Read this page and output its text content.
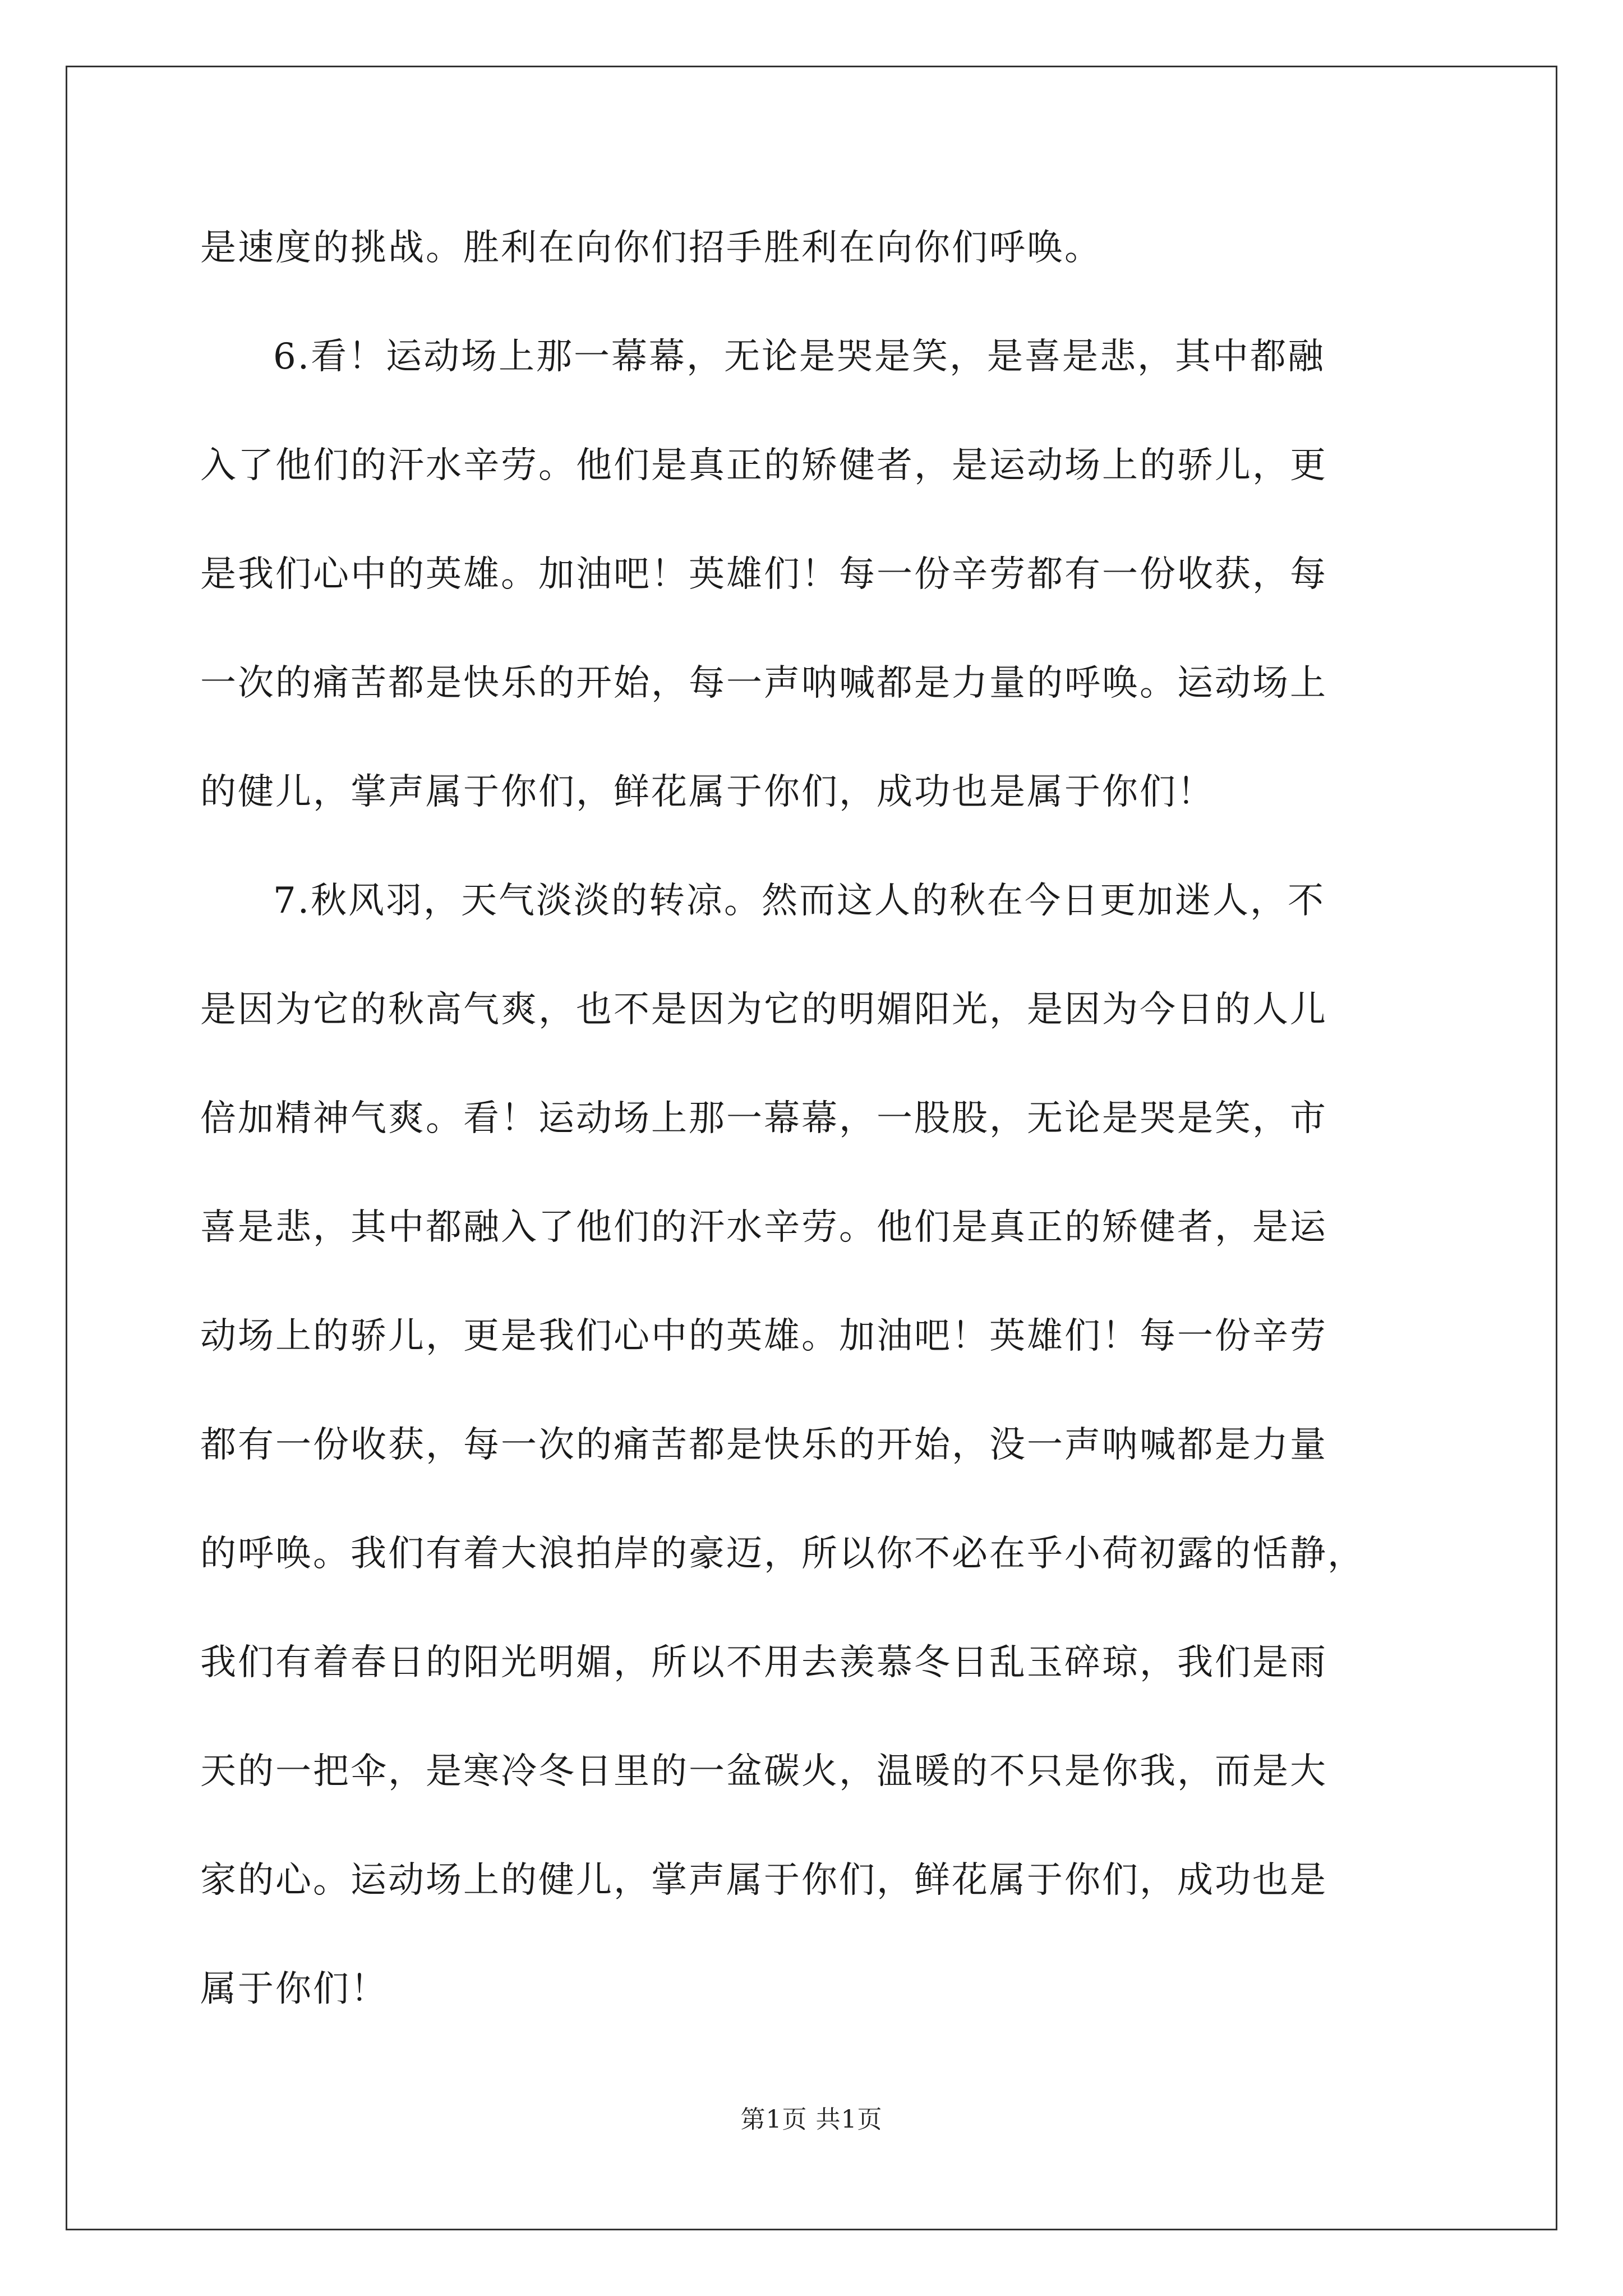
是速度的挑战。胜利在向你们招手胜利在向你们呼唤。
6.看！运动场上那一幕幕，无论是哭是笑，是喜是悲，其中都融
入了他们的汗水辛劳。他们是真正的矫健者，是运动场上的骄儿，更
是我们心中的英雄。加油吧！英雄们！每一份辛劳都有一份收获，每
一次的痛苦都是快乐的开始，每一声呐喊都是力量的呼唤。运动场上
的健儿，掌声属于你们，鲜花属于你们，成功也是属于你们！
7.秋风羽，天气淡淡的转凉。然而这人的秋在今日更加迷人，不
是因为它的秋高气爽，也不是因为它的明媚阳光，是因为今日的人儿
倍加精神气爽。看！运动场上那一幕幕，一股股，无论是哭是笑，市
喜是悲，其中都融入了他们的汗水辛劳。他们是真正的矫健者，是运
动场上的骄儿，更是我们心中的英雄。加油吧！英雄们！每一份辛劳
都有一份收获，每一次的痛苦都是快乐的开始，没一声呐喊都是力量
的呼唤。我们有着大浪拍岸的豪迈，所以你不必在乎小荷初露的恬静，
我们有着春日的阳光明媚，所以不用去羡慕冬日乱玉碎琼，我们是雨
天的一把伞，是寒冷冬日里的一盆碳火，温暖的不只是你我，而是大
家的心。运动场上的健儿，掌声属于你们，鲜花属于你们，成功也是
属于你们！
第1页 共1页
